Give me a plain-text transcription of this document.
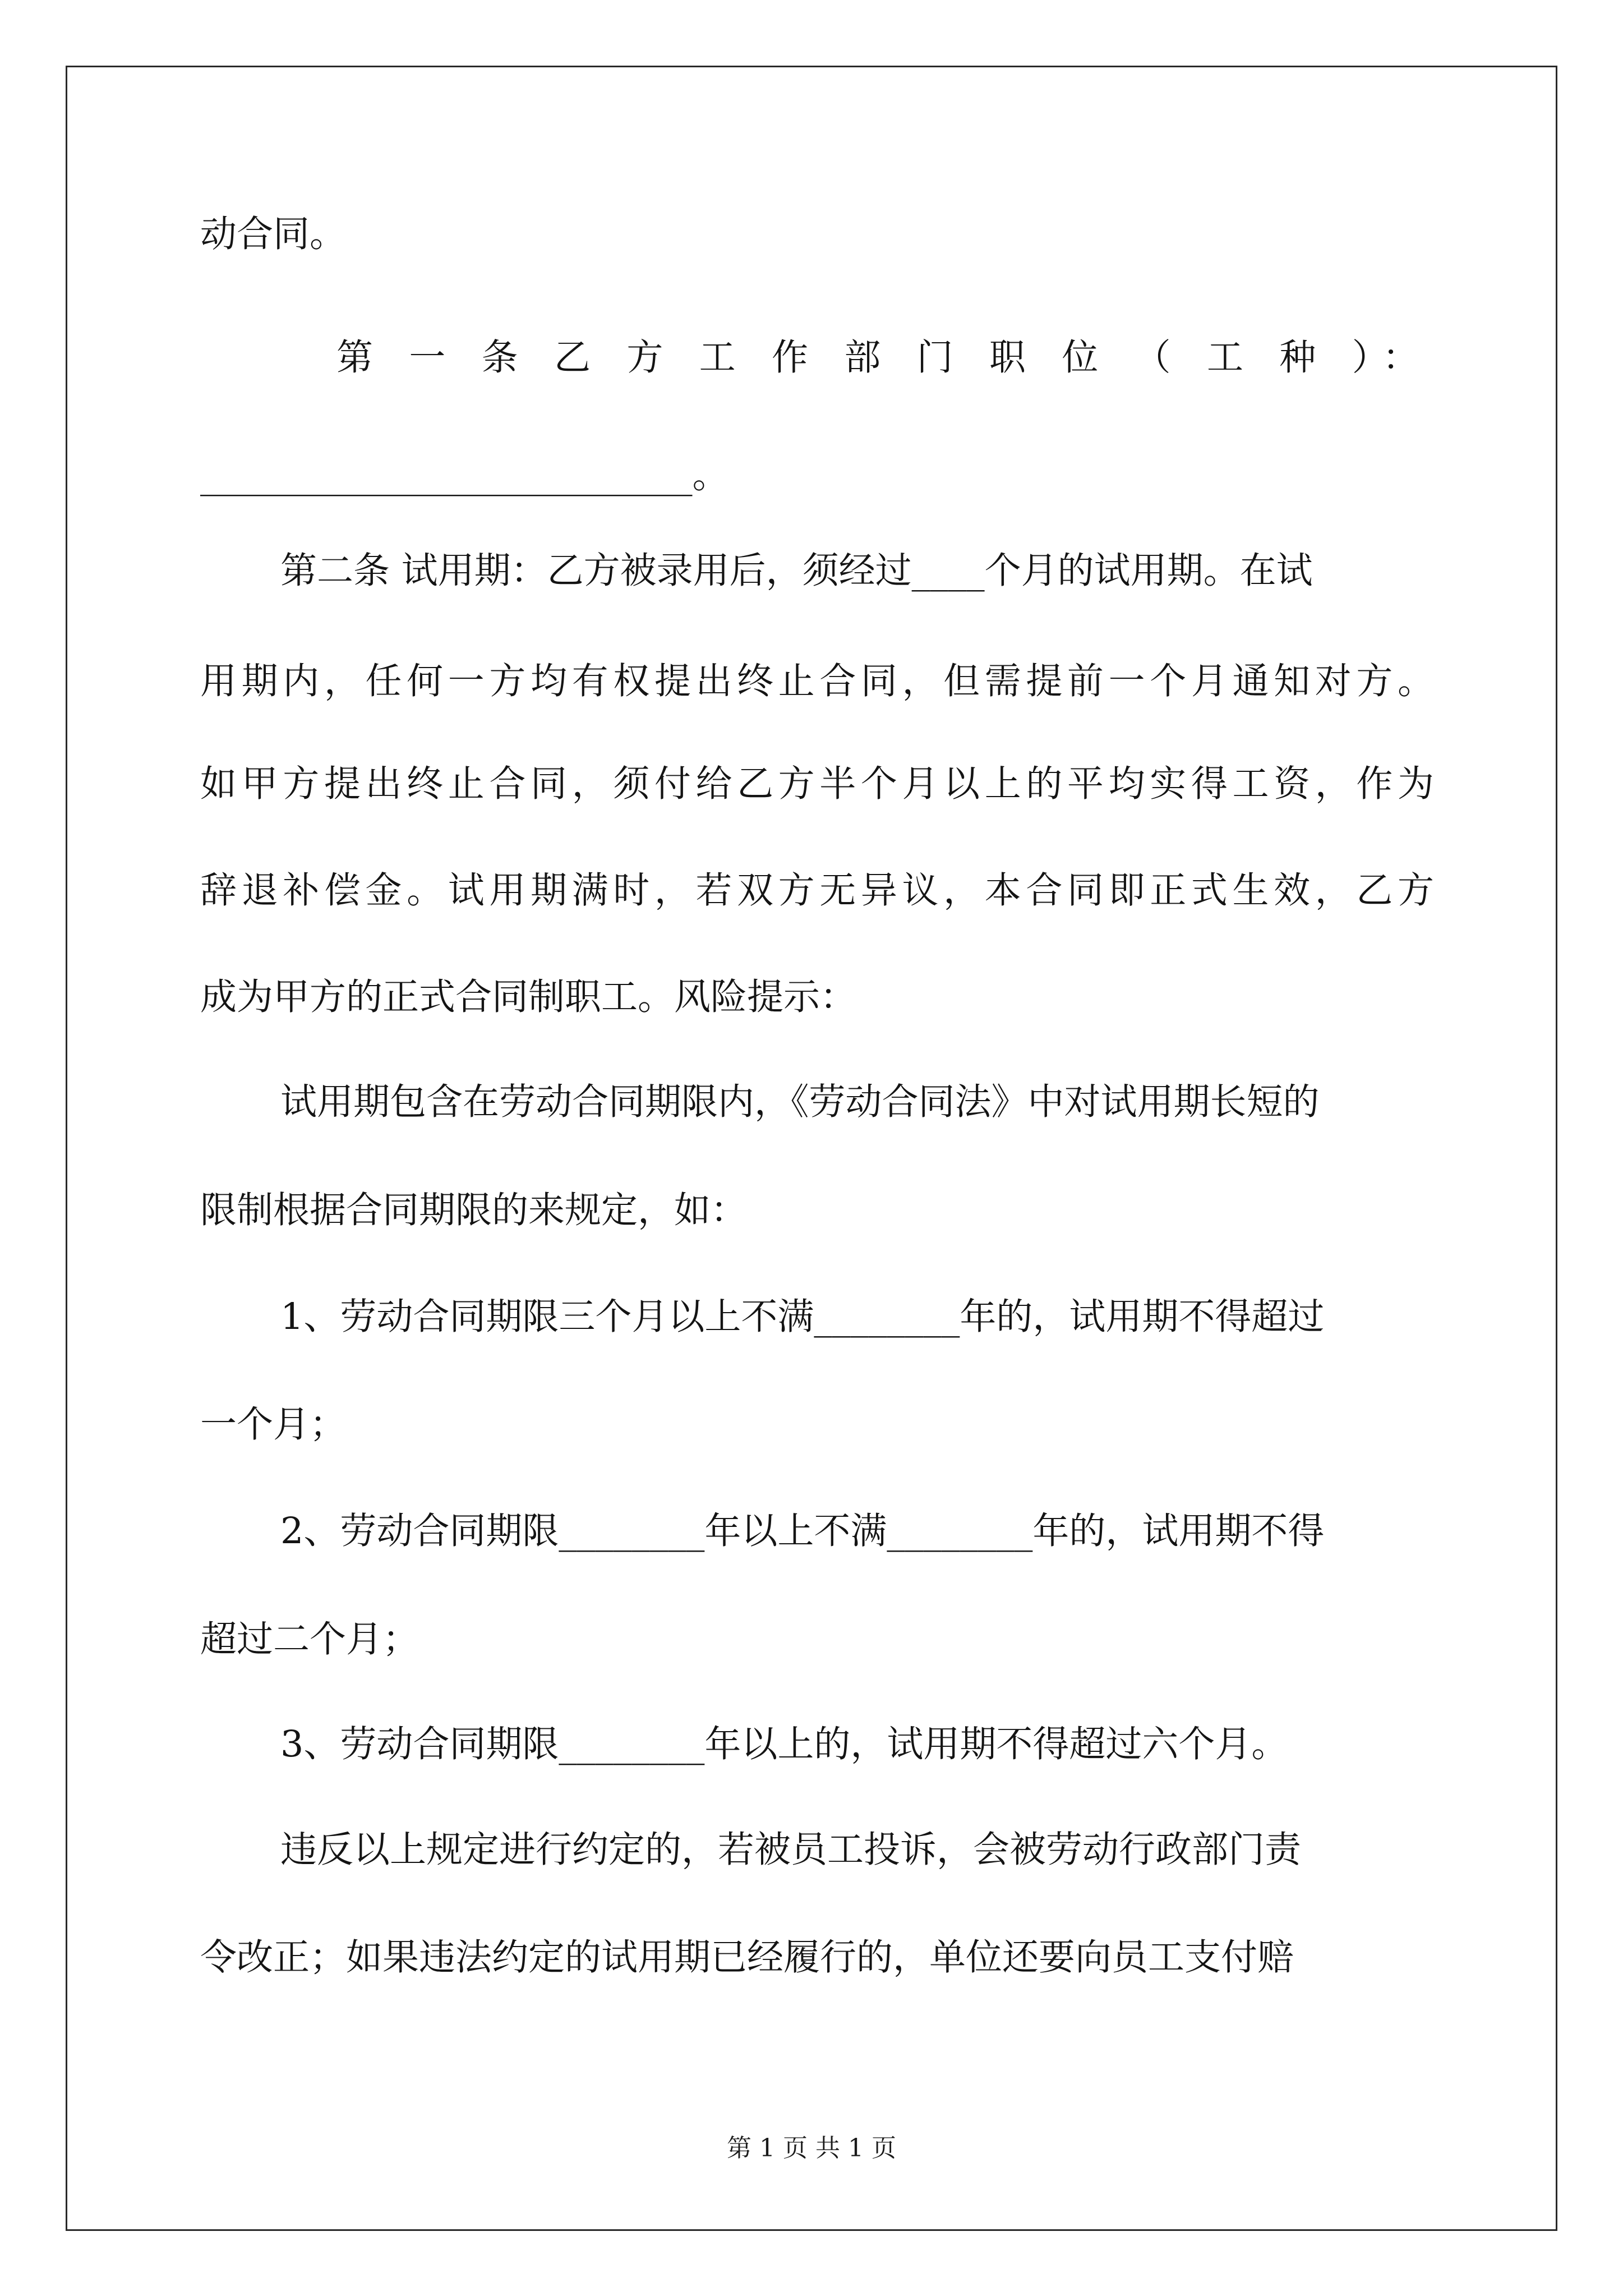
动合同。

第 一 条 乙 方 工 作 部 门 职 位 （ 工 种 ）：

___________________________。

第二条 试用期：乙方被录用后，须经过____个月的试用期。在试

用期内，任何一方均有权提出终止合同，但需提前一个月通知对方。

如甲方提出终止合同，须付给乙方半个月以上的平均实得工资，作为

辞退补偿金。试用期满时，若双方无异议，本合同即正式生效，乙方

成为甲方的正式合同制职工。风险提示：

试用期包含在劳动合同期限内，《劳动合同法》中对试用期长短的

限制根据合同期限的来规定，如：

1、劳动合同期限三个月以上不满________年的，试用期不得超过

一个月；

2、劳动合同期限________年以上不满________年的，试用期不得

超过二个月；

3、劳动合同期限________年以上的，试用期不得超过六个月。

违反以上规定进行约定的，若被员工投诉，会被劳动行政部门责

令改正；如果违法约定的试用期已经履行的，单位还要向员工支付赔

第 1 页 共 1 页
